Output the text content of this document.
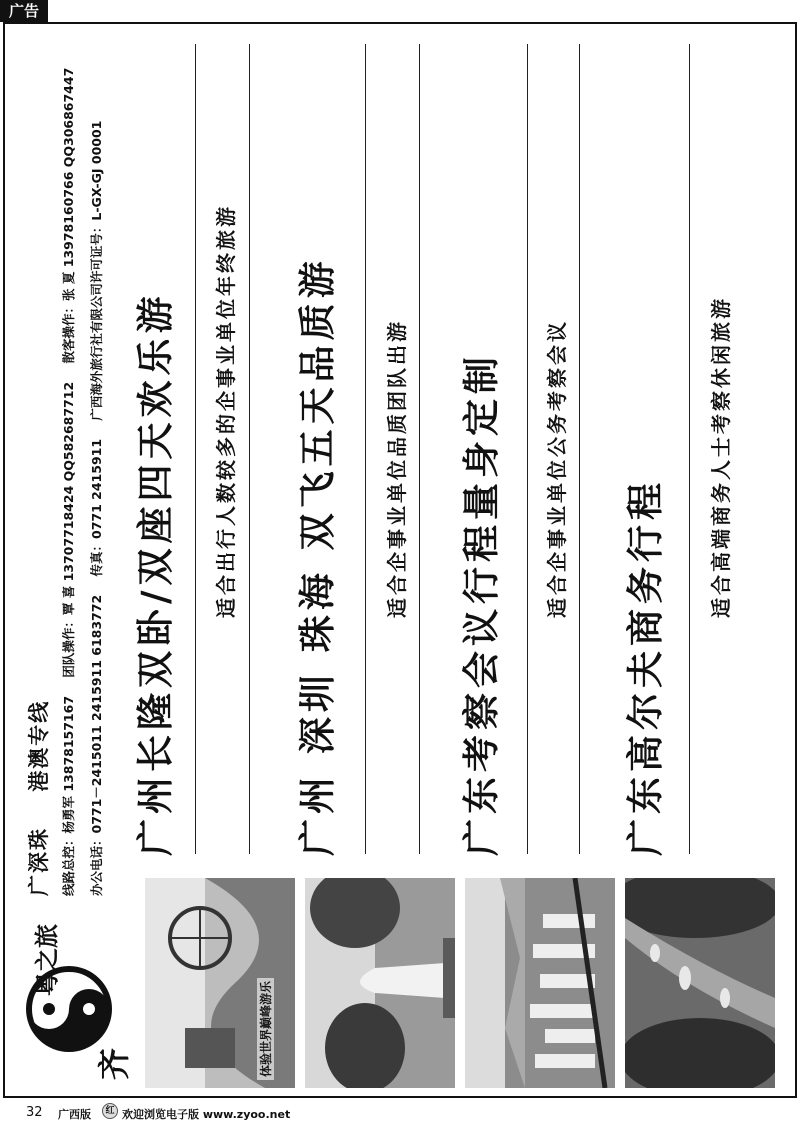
广告
粤之旅
齐
广深珠 港澳专线 线路总控：杨勇军 13878157167 团队操作：覃 喜 13707718424 QQ582687712 散客操作：张 夏 13978160766 QQ306867447
办公电话：0771－2415011 2415911 6183772 传真：0771 2415911 广西海外旅行社有限公司许可证号：L-GX-GJ 00001
体验世界巅峰游乐
广州长隆双卧/双座四天欢乐游 适合出行人数较多的企事业单位年终旅游 广州 深圳 珠海 双飞五天品质游 适合企事业单位品质团队出游 广东考察会议行程量身定制 适合企事业单位公务考察会议
广东高尔夫商务行程
适合高端商务人士考察休闲旅游
32 广西版	红 欢迎浏览电子版 www.zyoo.net
